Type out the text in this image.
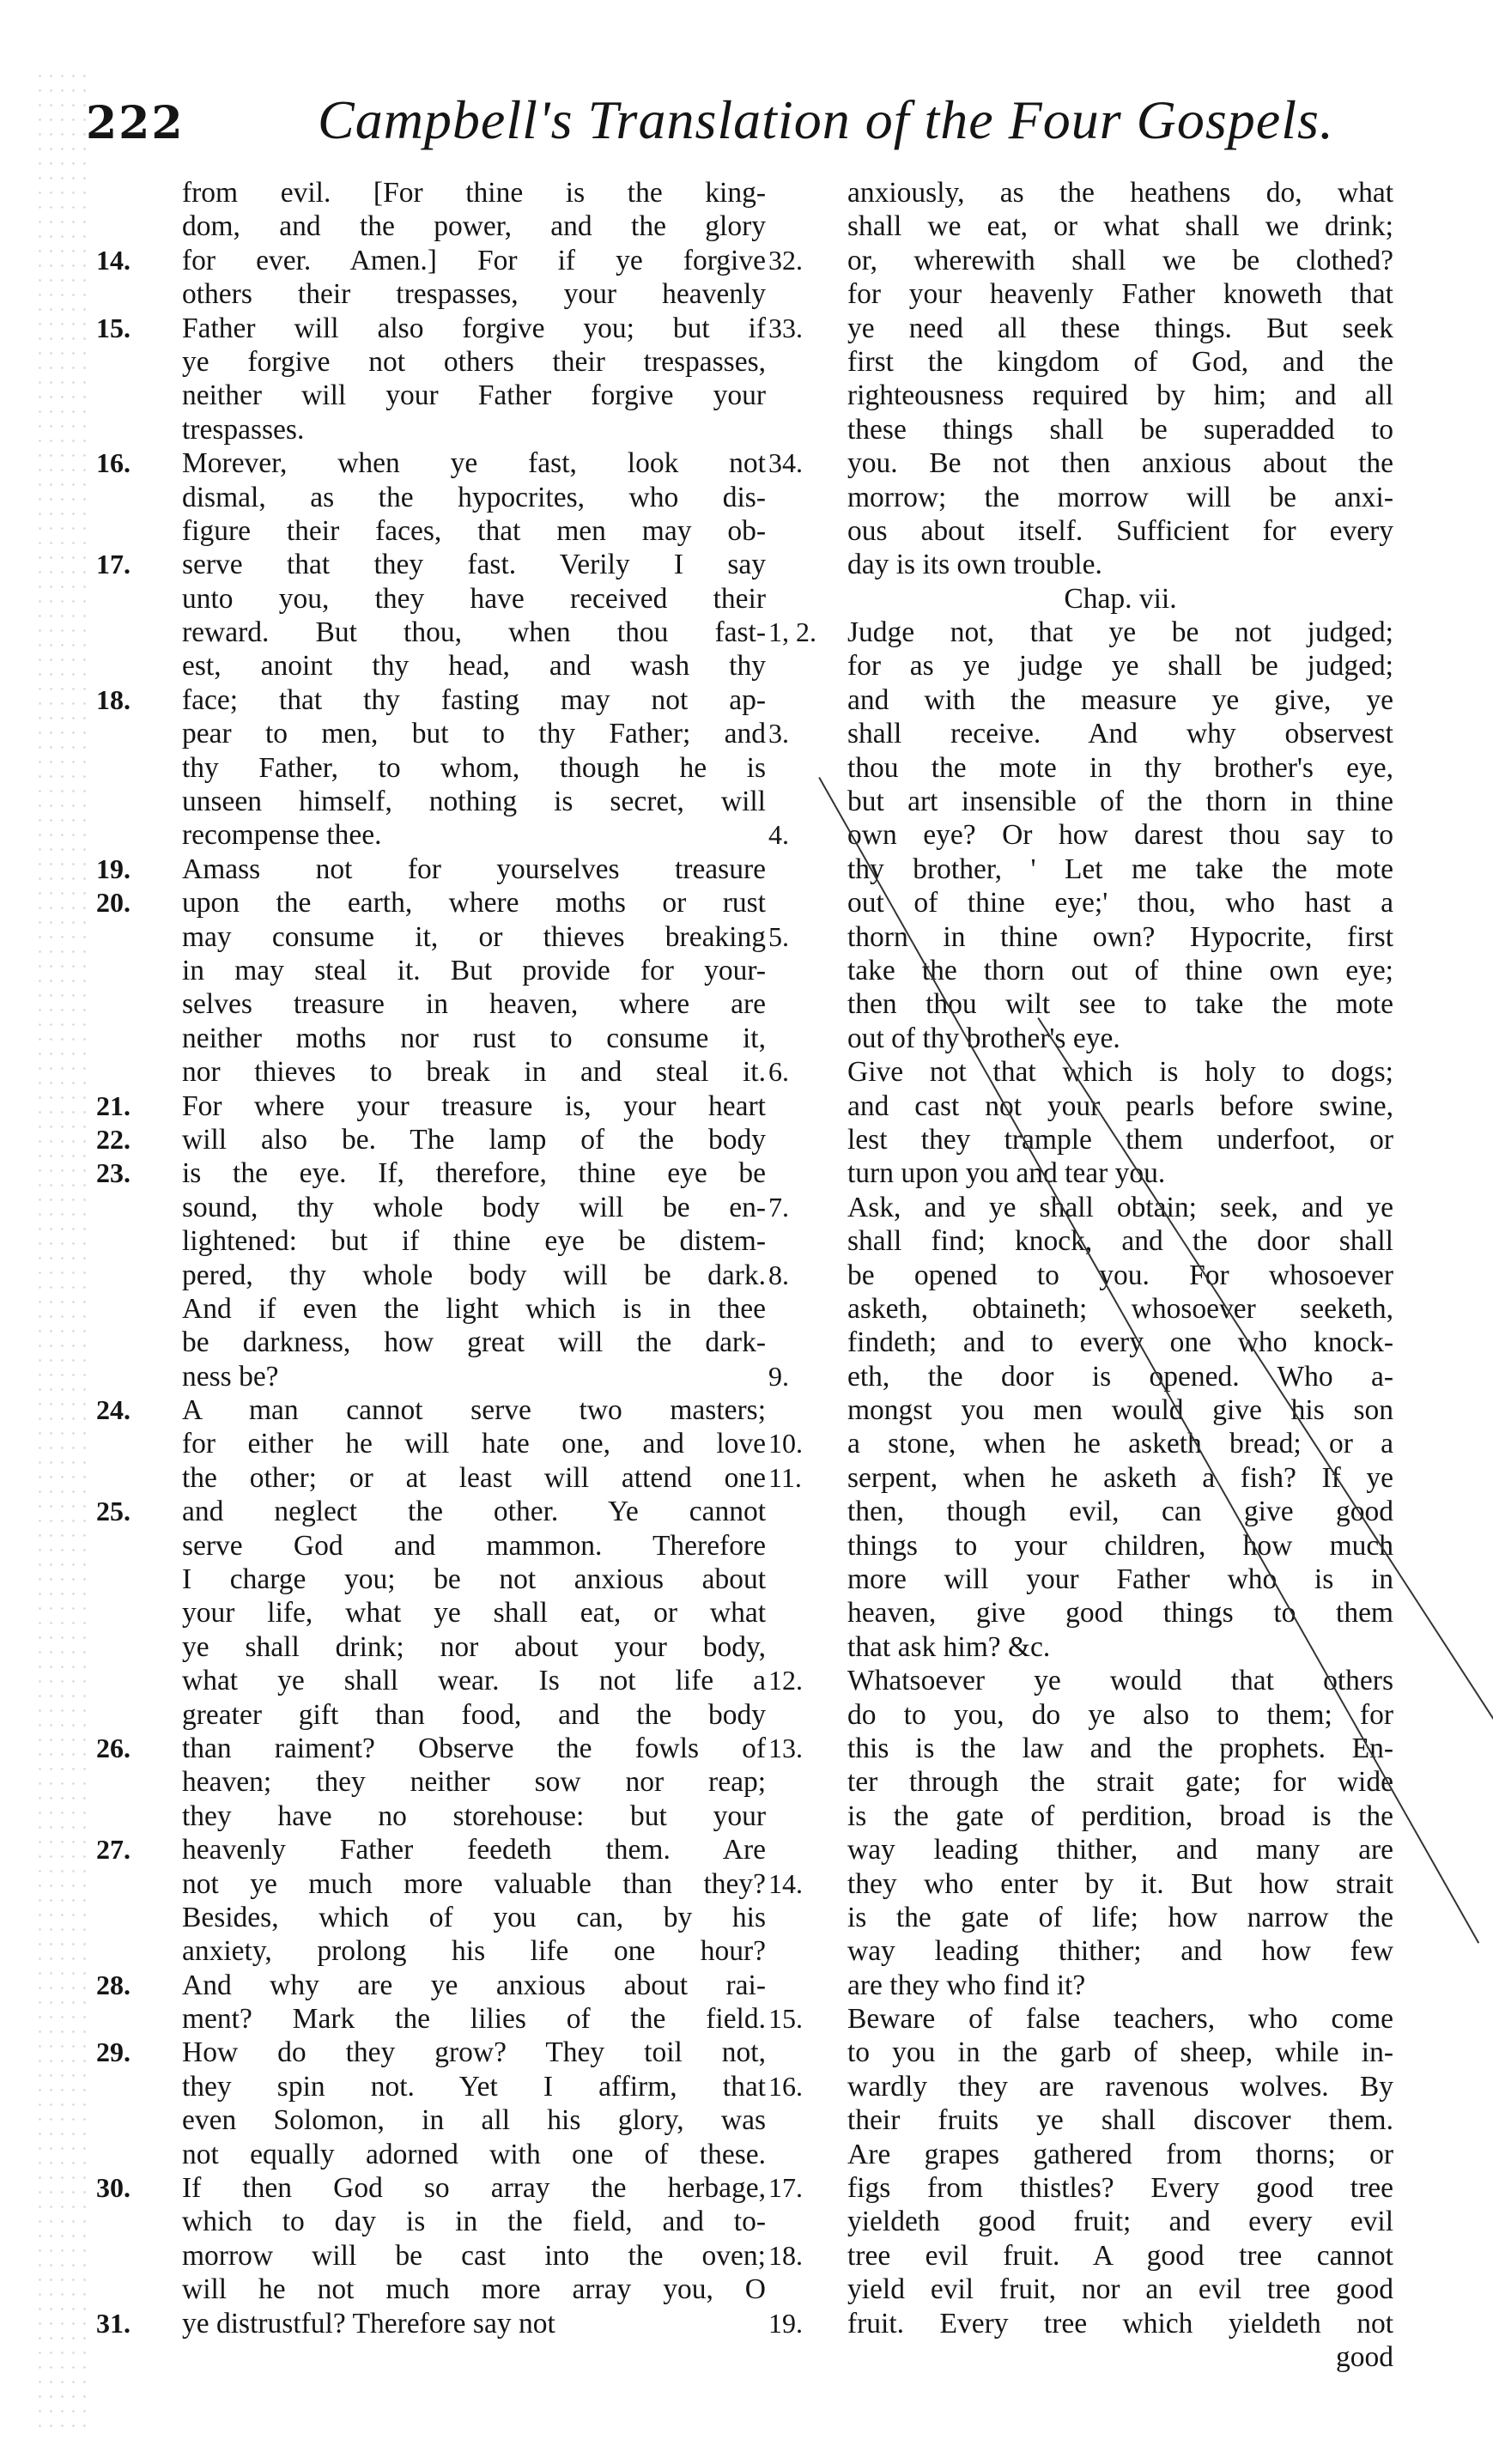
222 Campbell's Translation of the Four Gospels.
from evil. [For thine is the king-
dom, and the power, and the glory
14.	for ever. Amen.] For if ye forgive
others their trespasses, your heavenly
15.	Father will also forgive you; but if
ye forgive not others their trespasses,
neither will your Father forgive your
trespasses.
16.	Morever, when ye fast, look not
dismal, as the hypocrites, who dis-
figure their faces, that men may ob-
17.	serve that they fast. Verily I say
unto you, they have received their
reward. But thou, when thou fast-
est, anoint thy head, and wash thy
18.	face; that thy fasting may not ap-
pear to men, but to thy Father; and
thy Father, to whom, though he is
unseen himself, nothing is secret, will
recompense thee.
19.	Amass not for yourselves treasure
20.	upon the earth, where moths or rust
may consume it, or thieves breaking
in may steal it. But provide for your-
selves treasure in heaven, where are
neither moths nor rust to consume it,
nor thieves to break in and steal it.
21.	For where your treasure is, your heart
22.	will also be. The lamp of the body
23.	is the eye. If, therefore, thine eye be
sound, thy whole body will be en-
lightened: but if thine eye be distem-
pered, thy whole body will be dark.
And if even the light which is in thee
be darkness, how great will the dark-
ness be?
24.	A man cannot serve two masters;
for either he will hate one, and love
the other; or at least will attend one
25.	and neglect the other. Ye cannot
serve God and mammon. Therefore
I charge you; be not anxious about
your life, what ye shall eat, or what
ye shall drink; nor about your body,
what ye shall wear. Is not life a
greater gift than food, and the body
26.	than raiment? Observe the fowls of
heaven; they neither sow nor reap;
they have no storehouse: but your
27.	heavenly Father feedeth them. Are
not ye much more valuable than they?
Besides, which of you can, by his
anxiety, prolong his life one hour?
28.	And why are ye anxious about rai-
ment? Mark the lilies of the field.
29.	How do they grow? They toil not,
they spin not. Yet I affirm, that
even Solomon, in all his glory, was
not equally adorned with one of these.
30.	If then God so array the herbage,
which to day is in the field, and to-
morrow will be cast into the oven;
will he not much more array you, O
31.	ye distrustful? Therefore say not
anxiously, as the heathens do, what
shall we eat, or what shall we drink;
32.	or, wherewith shall we be clothed?
for your heavenly Father knoweth that
33.	ye need all these things. But seek
first the kingdom of God, and the
righteousness required by him; and all
these things shall be superadded to
34.	you. Be not then anxious about the
morrow; the morrow will be anxi-
ous about itself. Sufficient for every
day is its own trouble.
Chap. vii.
1, 2.	Judge not, that ye be not judged;
for as ye judge ye shall be judged;
and with the measure ye give, ye
3.	shall receive. And why observest
thou the mote in thy brother's eye,
but art insensible of the thorn in thine
4.	own eye? Or how darest thou say to
thy brother, ' Let me take the mote
out of thine eye;' thou, who hast a
5.	thorn in thine own? Hypocrite, first
take the thorn out of thine own eye;
then thou wilt see to take the mote
out of thy brother's eye.
6.	Give not that which is holy to dogs;
and cast not your pearls before swine,
lest they trample them underfoot, or
turn upon you and tear you.
7.	Ask, and ye shall obtain; seek, and ye
shall find; knock, and the door shall
8.	be opened to you. For whosoever
asketh, obtaineth; whosoever seeketh,
findeth; and to every one who knock-
9.	eth, the door is opened. Who a-
mongst you men would give his son
10.	a stone, when he asketh bread; or a
11.	serpent, when he asketh a fish? If ye
then, though evil, can give good
things to your children, how much
more will your Father who is in
heaven, give good things to them
that ask him? &c.
12.	Whatsoever ye would that others
do to you, do ye also to them; for
13.	this is the law and the prophets. En-
ter through the strait gate; for wide
is the gate of perdition, broad is the
way leading thither, and many are
14.	they who enter by it. But how strait
is the gate of life; how narrow the
way leading thither; and how few
are they who find it?
15.	Beware of false teachers, who come
to you in the garb of sheep, while in-
16.	wardly they are ravenous wolves. By
their fruits ye shall discover them.
Are grapes gathered from thorns; or
17.	figs from thistles? Every good tree
yieldeth good fruit; and every evil
18.	tree evil fruit. A good tree cannot
yield evil fruit, nor an evil tree good
19.	fruit. Every tree which yieldeth not
good
